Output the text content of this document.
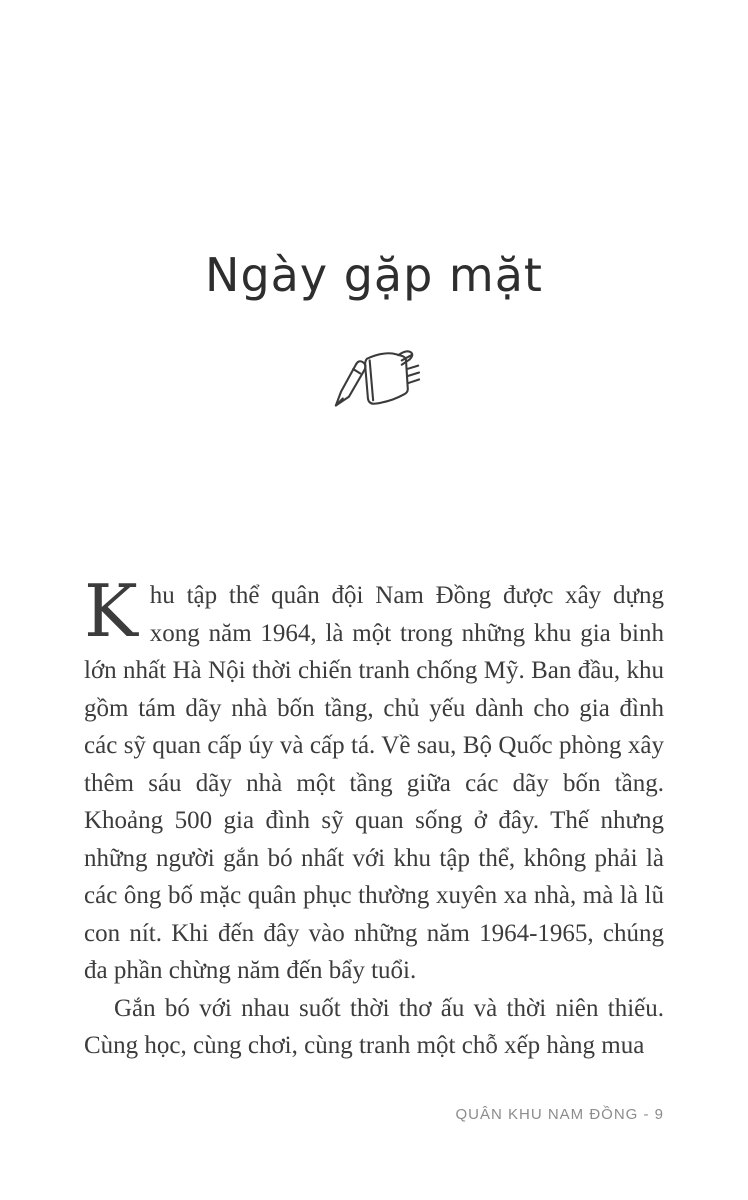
Ngày gặp mặt

Khu tập thể quân đội Nam Đồng được xây dựng xong năm 1964, là một trong những khu gia binh lớn nhất Hà Nội thời chiến tranh chống Mỹ. Ban đầu, khu gồm tám dãy nhà bốn tầng, chủ yếu dành cho gia đình các sỹ quan cấp úy và cấp tá. Về sau, Bộ Quốc phòng xây thêm sáu dãy nhà một tầng giữa các dãy bốn tầng. Khoảng 500 gia đình sỹ quan sống ở đây. Thế nhưng những người gắn bó nhất với khu tập thể, không phải là các ông bố mặc quân phục thường xuyên xa nhà, mà là lũ con nít. Khi đến đây vào những năm 1964-1965, chúng đa phần chừng năm đến bẩy tuổi.

Gắn bó với nhau suốt thời thơ ấu và thời niên thiếu. Cùng học, cùng chơi, cùng tranh một chỗ xếp hàng mua

QUÂN KHU NAM ĐỒNG - 9
